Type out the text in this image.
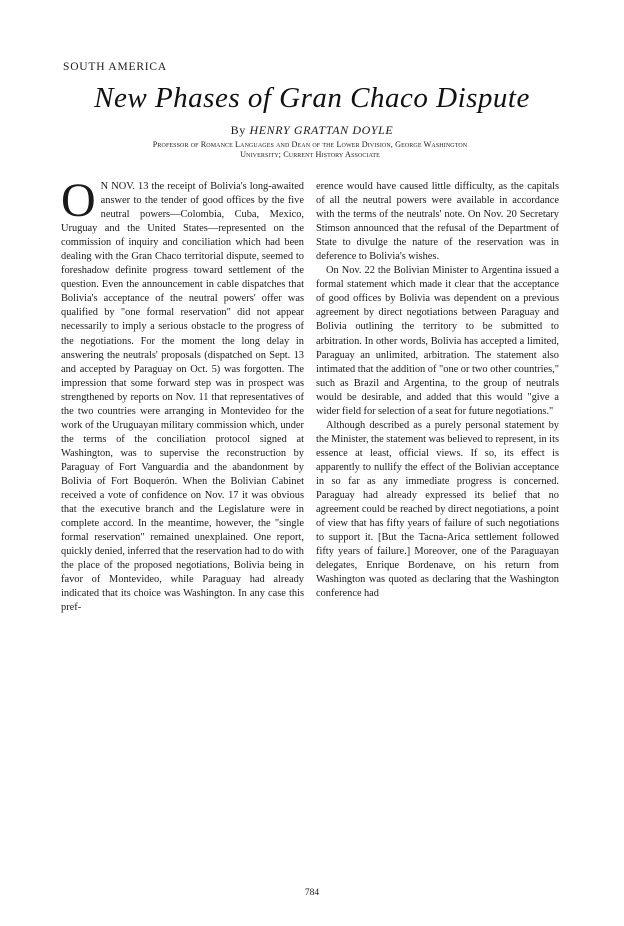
SOUTH AMERICA
New Phases of Gran Chaco Dispute
By HENRY GRATTAN DOYLE
Professor of Romance Languages and Dean of the Lower Division, George Washington
University; Current History Associate

O N NOV. 13 the receipt of Bolivia's long-awaited answer to the tender of good offices by the five neutral powers—Colombia, Cuba, Mexico, Uruguay and the United States—represented on the commission of inquiry and conciliation which had been dealing with the Gran Chaco territorial dispute, seemed to foreshadow definite progress toward settlement of the question. Even the announcement in cable dispatches that Bolivia's acceptance of the neutral powers' offer was qualified by "one formal reservation" did not appear necessarily to imply a serious obstacle to the progress of the negotiations. For the moment the long delay in answering the neutrals' proposals (dispatched on Sept. 13 and accepted by Paraguay on Oct. 5) was forgotten. The impression that some forward step was in prospect was strengthened by reports on Nov. 11 that representatives of the two countries were arranging in Montevideo for the work of the Uruguayan military commission which, under the terms of the conciliation protocol signed at Washington, was to supervise the reconstruction by Paraguay of Fort Vanguardia and the abandonment by Bolivia of Fort Boquerón. When the Bolivian Cabinet received a vote of confidence on Nov. 17 it was obvious that the executive branch and the Legislature were in complete accord. In the meantime, however, the "single formal reservation" remained unexplained. One report, quickly denied, inferred that the reservation had to do with the place of the proposed negotiations, Bolivia being in favor of Montevideo, while Paraguay had already indicated that its choice was Washington. In any case this pref-

erence would have caused little difficulty, as the capitals of all the neutral powers were available in accordance with the terms of the neutrals' note. On Nov. 20 Secretary Stimson announced that the refusal of the Department of State to divulge the nature of the reservation was in deference to Bolivia's wishes.

On Nov. 22 the Bolivian Minister to Argentina issued a formal statement which made it clear that the acceptance of good offices by Bolivia was dependent on a previous agreement by direct negotiations between Paraguay and Bolivia outlining the territory to be submitted to arbitration. In other words, Bolivia has accepted a limited, Paraguay an unlimited, arbitration. The statement also intimated that the addition of "one or two other countries," such as Brazil and Argentina, to the group of neutrals would be desirable, and added that this would "give a wider field for selection of a seat for future negotiations."

Although described as a purely personal statement by the Minister, the statement was believed to represent, in its essence at least, official views. If so, its effect is apparently to nullify the effect of the Bolivian acceptance in so far as any immediate progress is concerned. Paraguay had already expressed its belief that no agreement could be reached by direct negotiations, a point of view that has fifty years of failure of such negotiations to support it. [But the Tacna-Arica settlement followed fifty years of failure.] Moreover, one of the Paraguayan delegates, Enrique Bordenave, on his return from Washington was quoted as declaring that the Washington conference had

784
